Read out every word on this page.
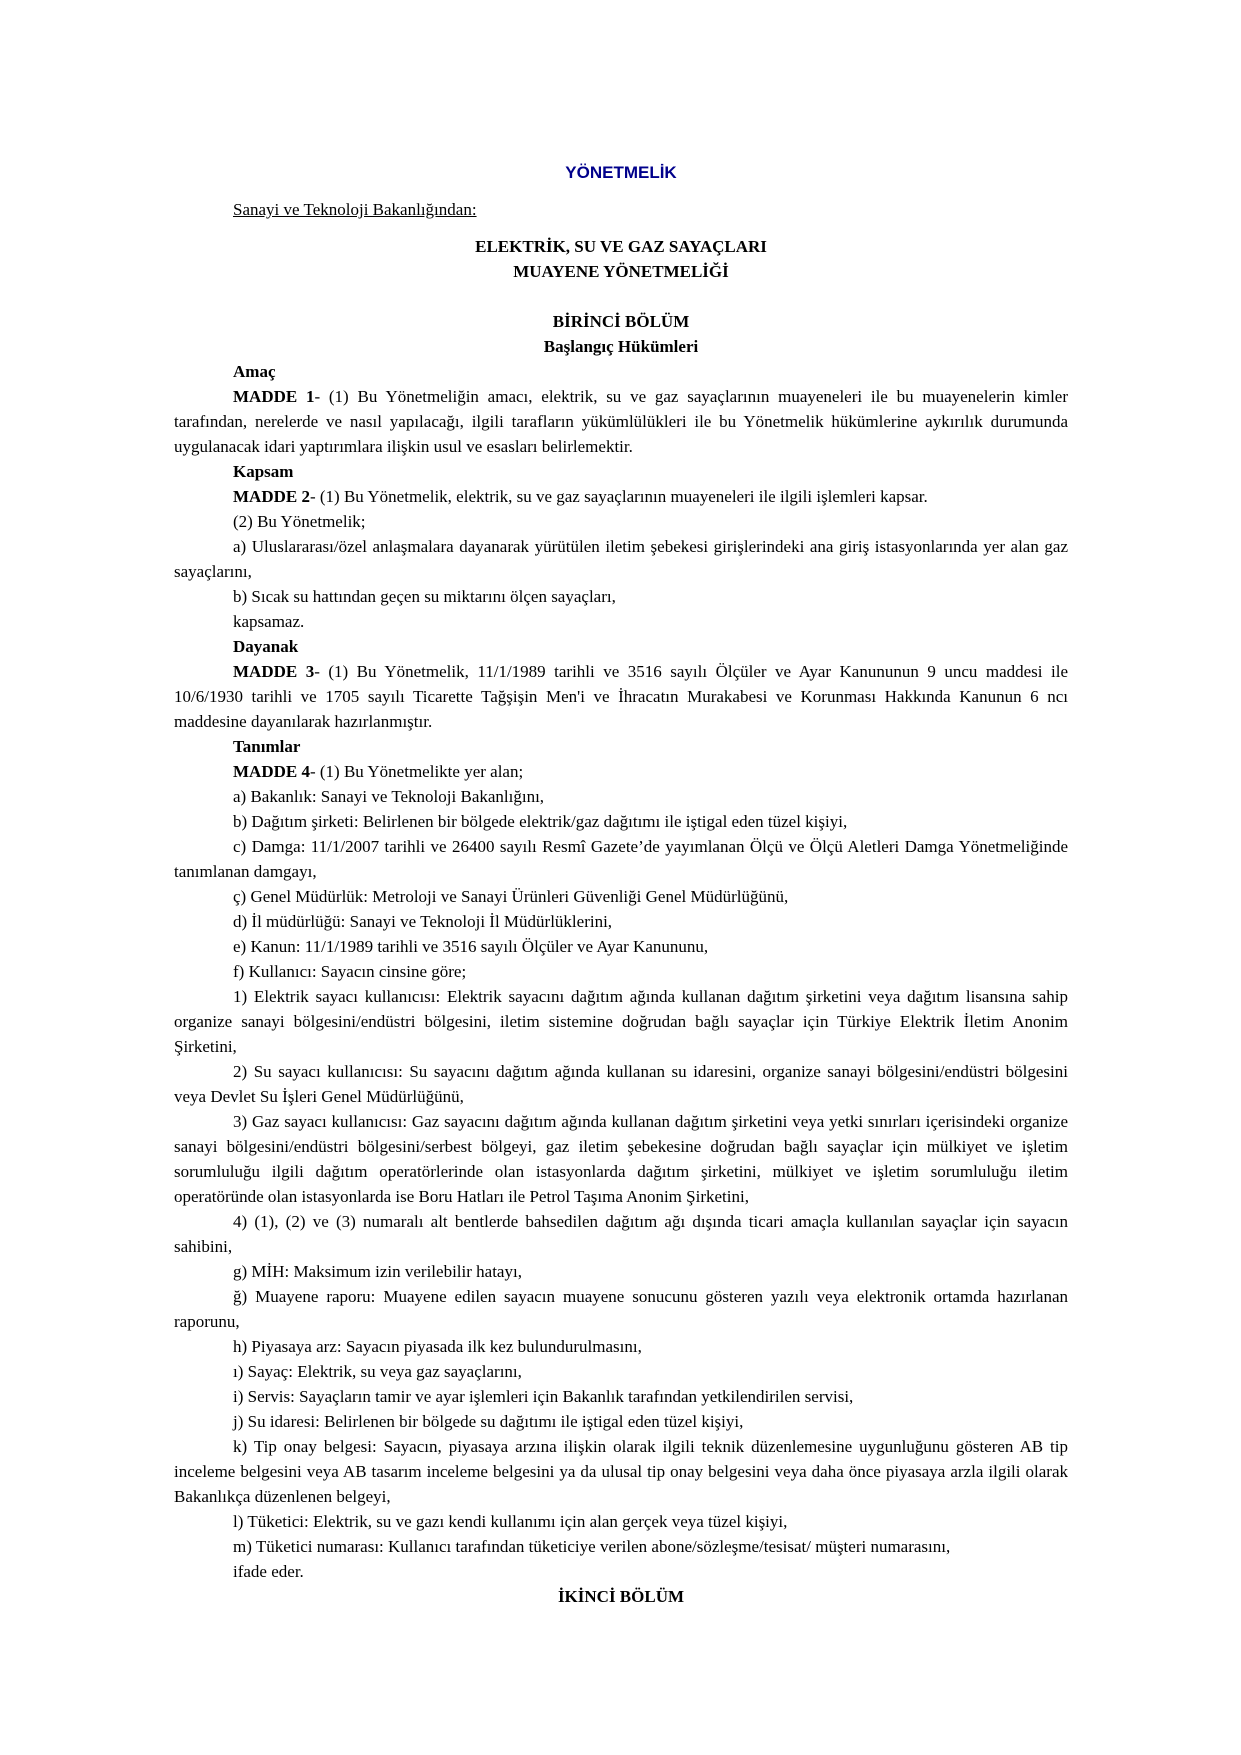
YÖNETMELİK
Sanayi ve Teknoloji Bakanlığından:
ELEKTRİK, SU VE GAZ SAYAÇLARI
MUAYENE YÖNETMELİĞİ
BİRİNCİ BÖLÜM
Başlangıç Hükümleri
Amaç

MADDE 1- (1) Bu Yönetmeliğin amacı, elektrik, su ve gaz sayaçlarının muayeneleri ile bu muayenelerin kimler tarafından, nerelerde ve nasıl yapılacağı, ilgili tarafların yükümlülükleri ile bu Yönetmelik hükümlerine aykırılık durumunda uygulanacak idari yaptırımlara ilişkin usul ve esasları belirlemektir.

Kapsam

MADDE 2- (1) Bu Yönetmelik, elektrik, su ve gaz sayaçlarının muayeneleri ile ilgili işlemleri kapsar.

(2) Bu Yönetmelik;

a) Uluslararası/özel anlaşmalara dayanarak yürütülen iletim şebekesi girişlerindeki ana giriş istasyonlarında yer alan gaz sayaçlarını,

b) Sıcak su hattından geçen su miktarını ölçen sayaçları,

kapsamaz.
Dayanak

MADDE 3- (1) Bu Yönetmelik, 11/1/1989 tarihli ve 3516 sayılı Ölçüler ve Ayar Kanununun 9 uncu maddesi ile 10/6/1930 tarihli ve 1705 sayılı Ticarette Tağşişin Men'i ve İhracatın Murakabesi ve Korunması Hakkında Kanunun 6 ncı maddesine dayanılarak hazırlanmıştır.

Tanımlar

MADDE 4- (1) Bu Yönetmelikte yer alan;

a) Bakanlık: Sanayi ve Teknoloji Bakanlığını,

b) Dağıtım şirketi: Belirlenen bir bölgede elektrik/gaz dağıtımı ile iştigal eden tüzel kişiyi,

c) Damga: 11/1/2007 tarihli ve 26400 sayılı Resmî Gazete’de yayımlanan Ölçü ve Ölçü Aletleri Damga Yönetmeliğinde tanımlanan damgayı,

ç) Genel Müdürlük: Metroloji ve Sanayi Ürünleri Güvenliği Genel Müdürlüğünü,

d) İl müdürlüğü: Sanayi ve Teknoloji İl Müdürlüklerini,

e) Kanun: 11/1/1989 tarihli ve 3516 sayılı Ölçüler ve Ayar Kanununu,

f) Kullanıcı: Sayacın cinsine göre;

1) Elektrik sayacı kullanıcısı: Elektrik sayacını dağıtım ağında kullanan dağıtım şirketini veya dağıtım lisansına sahip organize sanayi bölgesini/endüstri bölgesini, iletim sistemine doğrudan bağlı sayaçlar için Türkiye Elektrik İletim Anonim Şirketini,

2) Su sayacı kullanıcısı: Su sayacını dağıtım ağında kullanan su idaresini, organize sanayi bölgesini/endüstri bölgesini veya Devlet Su İşleri Genel Müdürlüğünü,

3) Gaz sayacı kullanıcısı: Gaz sayacını dağıtım ağında kullanan dağıtım şirketini veya yetki sınırları içerisindeki organize sanayi bölgesini/endüstri bölgesini/serbest bölgeyi, gaz iletim şebekesine doğrudan bağlı sayaçlar için mülkiyet ve işletim sorumluluğu ilgili dağıtım operatörlerinde olan istasyonlarda dağıtım şirketini, mülkiyet ve işletim sorumluluğu iletim operatöründe olan istasyonlarda ise Boru Hatları ile Petrol Taşıma Anonim Şirketini,

4) (1), (2) ve (3) numaralı alt bentlerde bahsedilen dağıtım ağı dışında ticari amaçla kullanılan sayaçlar için sayacın sahibini,

g) MİH: Maksimum izin verilebilir hatayı,

ğ) Muayene raporu: Muayene edilen sayacın muayene sonucunu gösteren yazılı veya elektronik ortamda hazırlanan raporunu,

h) Piyasaya arz: Sayacın piyasada ilk kez bulundurulmasını,

ı) Sayaç: Elektrik, su veya gaz sayaçlarını,

i) Servis: Sayaçların tamir ve ayar işlemleri için Bakanlık tarafından yetkilendirilen servisi,

j) Su idaresi: Belirlenen bir bölgede su dağıtımı ile iştigal eden tüzel kişiyi,

k) Tip onay belgesi: Sayacın, piyasaya arzına ilişkin olarak ilgili teknik düzenlemesine uygunluğunu gösteren AB tip inceleme belgesini veya AB tasarım inceleme belgesini ya da ulusal tip onay belgesini veya daha önce piyasaya arzla ilgili olarak Bakanlıkça düzenlenen belgeyi,

l) Tüketici: Elektrik, su ve gazı kendi kullanımı için alan gerçek veya tüzel kişiyi,

m) Tüketici numarası: Kullanıcı tarafından tüketiciye verilen abone/sözleşme/tesisat/ müşteri numarasını,

ifade eder.
İKİNCİ BÖLÜM
